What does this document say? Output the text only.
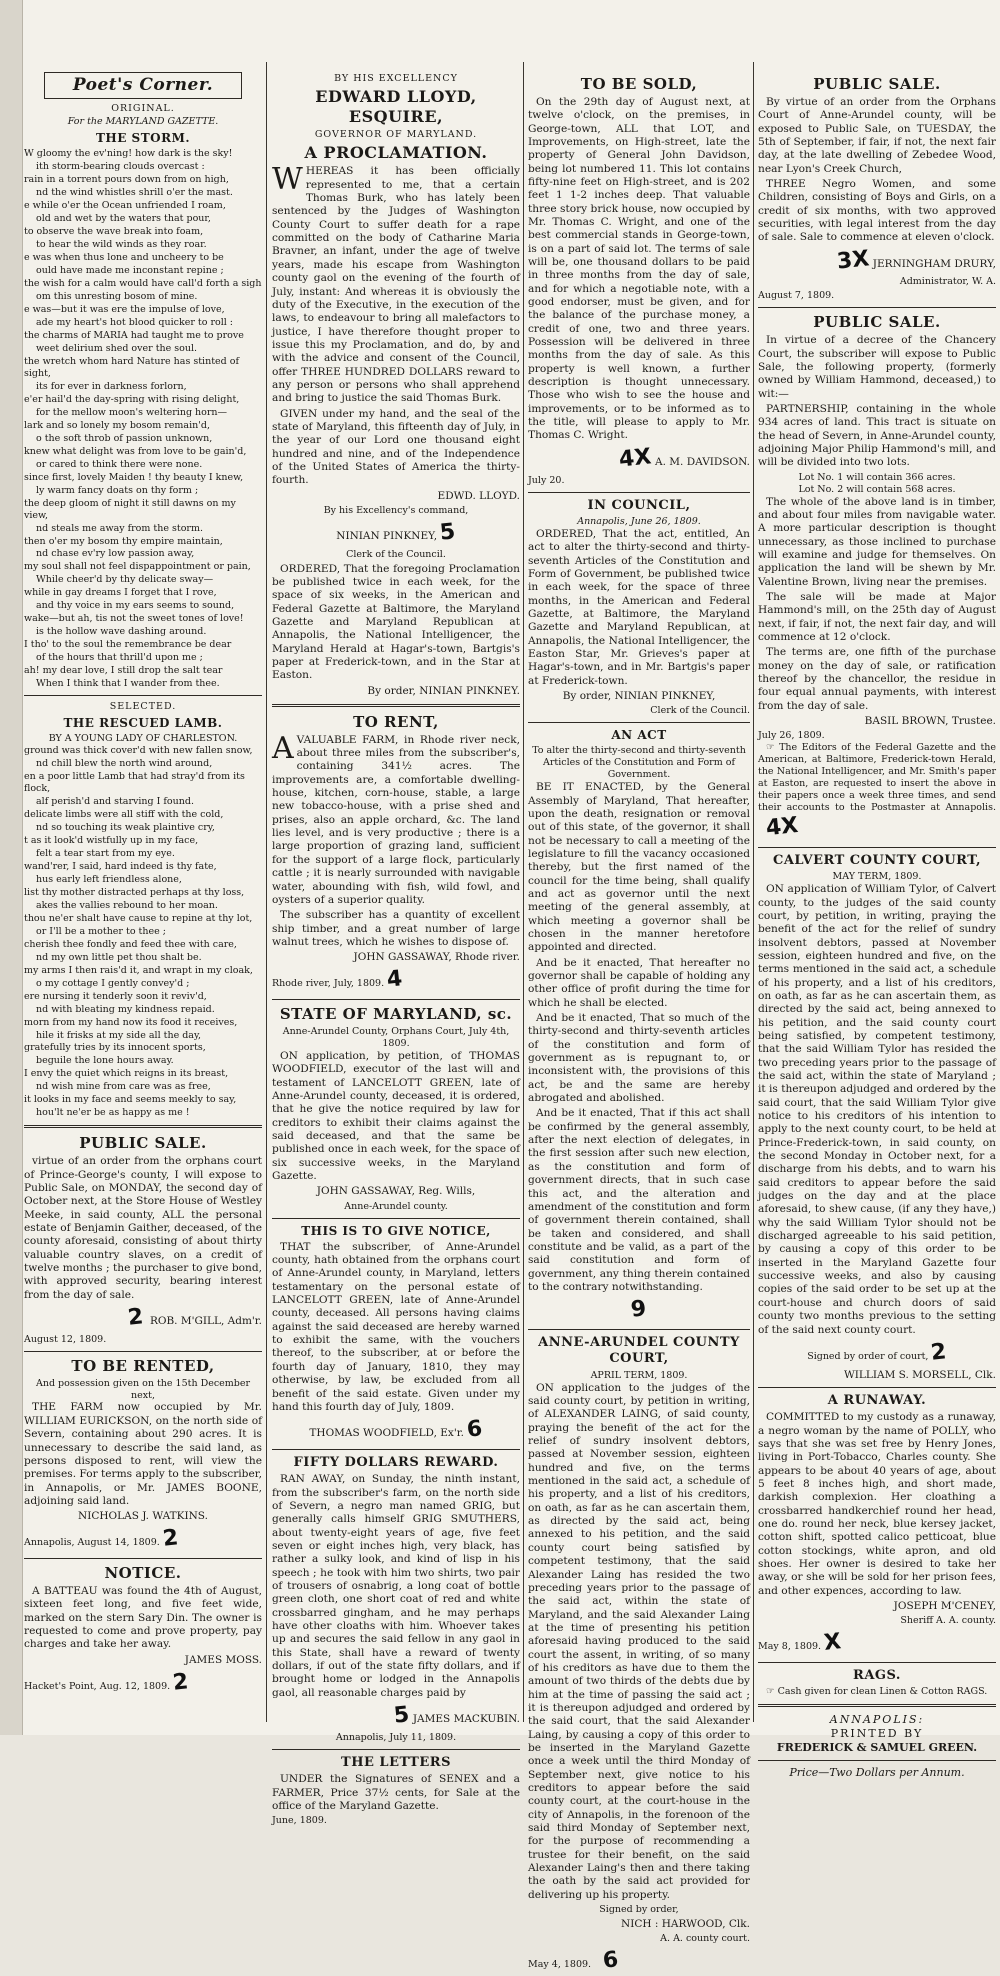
Poet's Corner.
ORIGINAL.
For the MARYLAND GAZETTE.
THE STORM.

W gloomy the ev'ning! how dark is the sky!

ith storm-bearing clouds overcast :

rain in a torrent pours down from on high,

nd the wind whistles shrill o'er the mast.

e while o'er the Ocean unfriended I roam,

old and wet by the waters that pour,

to observe the wave break into foam,

to hear the wild winds as they roar.

e was when thus lone and uncheery to be

ould have made me inconstant repine ;

the wish for a calm would have call'd forth a sigh

om this unresting bosom of mine.

e was—but it was ere the impulse of love,

ade my heart's hot blood quicker to roll :

the charms of MARIA had taught me to prove

weet delirium shed over the soul.

the wretch whom hard Nature has stinted of sight,

its for ever in darkness forlorn,

e'er hail'd the day-spring with rising delight,

for the mellow moon's weltering horn—

lark and so lonely my bosom remain'd,

o the soft throb of passion unknown,

knew what delight was from love to be gain'd,

or cared to think there were none.

since first, lovely Maiden ! thy beauty I knew,

ly warm fancy doats on thy form ;

the deep gloom of night it still dawns on my view,

nd steals me away from the storm.

then o'er my bosom thy empire maintain,

nd chase ev'ry low passion away,

my soul shall not feel dispappointment or pain,

While cheer'd by thy delicate sway—

while in gay dreams I forget that I rove,

and thy voice in my ears seems to sound,

wake—but ah, tis not the sweet tones of love!

is the hollow wave dashing around.

I tho' to the soul the remembrance be dear

of the hours that thrill'd upon me ;

ah! my dear love, I still drop the salt tear

When I think that I wander from thee.

SELECTED.
THE RESCUED LAMB.
BY A YOUNG LADY OF CHARLESTON.

ground was thick cover'd with new fallen snow,

nd chill blew the north wind around,

en a poor little Lamb that had stray'd from its flock,

alf perish'd and starving I found.

delicate limbs were all stiff with the cold,

nd so touching its weak plaintive cry,

t as it look'd wistfully up in my face,

felt a tear start from my eye.

wand'rer, I said, hard indeed is thy fate,

hus early left friendless alone,

list thy mother distracted perhaps at thy loss,

akes the vallies rebound to her moan.

thou ne'er shalt have cause to repine at thy lot,

or I'll be a mother to thee ;

cherish thee fondly and feed thee with care,

nd my own little pet thou shalt be.

my arms I then rais'd it, and wrapt in my cloak,

o my cottage I gently convey'd ;

ere nursing it tenderly soon it reviv'd,

nd with bleating my kindness repaid.

morn from my hand now its food it receives,

hile it frisks at my side all the day,

gratefully tries by its innocent sports,

beguile the lone hours away.

I envy the quiet which reigns in its breast,

nd wish mine from care was as free,

it looks in my face and seems meekly to say,

hou'lt ne'er be as happy as me !

PUBLIC SALE.

virtue of an order from the orphans court of Prince-George's county, I will expose to Public Sale, on MONDAY, the second day of October next, at the Store House of Westley Meeke, in said county, ALL the personal estate of Benjamin Gaither, deceased, of the county aforesaid, consisting of about thirty valuable country slaves, on a credit of twelve months ; the purchaser to give bond, with approved security, bearing interest from the day of sale.

2 ROB. M'GILL, Adm'r.
August 12, 1809.
TO BE RENTED,
And possession given on the 15th December next,

THE FARM now occupied by Mr. WILLIAM EURICKSON, on the north side of Severn, containing about 290 acres. It is unnecessary to describe the said land, as persons disposed to rent, will view the premises. For terms apply to the subscriber, in Annapolis, or Mr. JAMES BOONE, adjoining said land.

NICHOLAS J. WATKINS.
Annapolis, August 14, 1809. 2
NOTICE.

A BATTEAU was found the 4th of August, sixteen feet long, and five feet wide, marked on the stern Sary Din. The owner is requested to come and prove property, pay charges and take her away.

JAMES MOSS.
Hacket's Point, Aug. 12, 1809. 2
BY HIS EXCELLENCY
EDWARD LLOYD, ESQUIRE,
GOVERNOR OF MARYLAND.
A PROCLAMATION.

WHEREAS it has been officially represented to me, that a certain Thomas Burk, who has lately been sentenced by the Judges of Washington County Court to suffer death for a rape committed on the body of Catharine Maria Bravner, an infant, under the age of twelve years, made his escape from Washington county gaol on the evening of the fourth of July, instant: And whereas it is obviously the duty of the Executive, in the execution of the laws, to endeavour to bring all malefactors to justice, I have therefore thought proper to issue this my Proclamation, and do, by and with the advice and consent of the Council, offer THREE HUNDRED DOLLARS reward to any person or persons who shall apprehend and bring to justice the said Thomas Burk.

GIVEN under my hand, and the seal of the state of Maryland, this fifteenth day of July, in the year of our Lord one thousand eight hundred and nine, and of the Independence of the United States of America the thirty-fourth.

EDWD. LLOYD.
By his Excellency's command,
NINIAN PINKNEY, 5
Clerk of the Council.

ORDERED, That the foregoing Proclamation be published twice in each week, for the space of six weeks, in the American and Federal Gazette at Baltimore, the Maryland Gazette and Maryland Republican at Annapolis, the National Intelligencer, the Maryland Herald at Hagar's-town, Bartgis's paper at Frederick-town, and in the Star at Easton.

By order, NINIAN PINKNEY.
TO RENT,

AVALUABLE FARM, in Rhode river neck, about three miles from the subscriber's, containing 341½ acres. The improvements are, a comfortable dwelling-house, kitchen, corn-house, stable, a large new tobacco-house, with a prise shed and prises, also an apple orchard, &c. The land lies level, and is very productive ; there is a large proportion of grazing land, sufficient for the support of a large flock, particularly cattle ; it is nearly surrounded with navigable water, abounding with fish, wild fowl, and oysters of a superior quality.

The subscriber has a quantity of excellent ship timber, and a great number of large walnut trees, which he wishes to dispose of.

JOHN GASSAWAY, Rhode river.
Rhode river, July, 1809. 4
STATE OF MARYLAND, sc.
Anne-Arundel County, Orphans Court, July 4th, 1809.

ON application, by petition, of THOMAS WOODFIELD, executor of the last will and testament of LANCELOTT GREEN, late of Anne-Arundel county, deceased, it is ordered, that he give the notice required by law for creditors to exhibit their claims against the said deceased, and that the same be published once in each week, for the space of six successive weeks, in the Maryland Gazette.

JOHN GASSAWAY, Reg. Wills,
Anne-Arundel county.
THIS IS TO GIVE NOTICE,

THAT the subscriber, of Anne-Arundel county, hath obtained from the orphans court of Anne-Arundel county, in Maryland, letters testamentary on the personal estate of LANCELOTT GREEN, late of Anne-Arundel county, deceased. All persons having claims against the said deceased are hereby warned to exhibit the same, with the vouchers thereof, to the subscriber, at or before the fourth day of January, 1810, they may otherwise, by law, be excluded from all benefit of the said estate. Given under my hand this fourth day of July, 1809.

THOMAS WOODFIELD, Ex'r. 6
FIFTY DOLLARS REWARD.

RAN AWAY, on Sunday, the ninth instant, from the subscriber's farm, on the north side of Severn, a negro man named GRIG, but generally calls himself GRIG SMUTHERS, about twenty-eight years of age, five feet seven or eight inches high, very black, has rather a sulky look, and kind of lisp in his speech ; he took with him two shirts, two pair of trousers of osnabrig, a long coat of bottle green cloth, one short coat of red and white crossbarred gingham, and he may perhaps have other cloaths with him. Whoever takes up and secures the said fellow in any gaol in this State, shall have a reward of twenty dollars, if out of the state fifty dollars, and if brought home or lodged in the Annapolis gaol, all reasonable charges paid by

5 JAMES MACKUBIN.
Annapolis, July 11, 1809.
THE LETTERS

UNDER the Signatures of SENEX and a FARMER, Price 37½ cents, for Sale at the office of the Maryland Gazette.

June, 1809.
TO BE SOLD,

On the 29th day of August next, at twelve o'clock, on the premises, in George-town, ALL that LOT, and Improvements, on High-street, late the property of General John Davidson, being lot numbered 11. This lot contains fifty-nine feet on High-street, and is 202 feet 1 1-2 inches deep. That valuable three story brick house, now occupied by Mr. Thomas C. Wright, and one of the best commercial stands in George-town, is on a part of said lot. The terms of sale will be, one thousand dollars to be paid in three months from the day of sale, and for which a negotiable note, with a good endorser, must be given, and for the balance of the purchase money, a credit of one, two and three years. Possession will be delivered in three months from the day of sale. As this property is well known, a further description is thought unnecessary. Those who wish to see the house and improvements, or to be informed as to the title, will please to apply to Mr. Thomas C. Wright.

4X A. M. DAVIDSON.
July 20.
IN COUNCIL,
Annapolis, June 26, 1809.

ORDERED, That the act, entitled, An act to alter the thirty-second and thirty-seventh Articles of the Constitution and Form of Government, be published twice in each week, for the space of three months, in the American and Federal Gazette, at Baltimore, the Maryland Gazette and Maryland Republican, at Annapolis, the National Intelligencer, the Easton Star, Mr. Grieves's paper at Hagar's-town, and in Mr. Bartgis's paper at Frederick-town.

By order, NINIAN PINKNEY,
Clerk of the Council.
AN ACT
To alter the thirty-second and thirty-seventh Articles of the Constitution and Form of Government.

BE IT ENACTED, by the General Assembly of Maryland, That hereafter, upon the death, resignation or removal out of this state, of the governor, it shall not be necessary to call a meeting of the legislature to fill the vacancy occasioned thereby, but the first named of the council for the time being, shall qualify and act as governor until the next meeting of the general assembly, at which meeting a governor shall be chosen in the manner heretofore appointed and directed.

And be it enacted, That hereafter no governor shall be capable of holding any other office of profit during the time for which he shall be elected.

And be it enacted, That so much of the thirty-second and thirty-seventh articles of the constitution and form of government as is repugnant to, or inconsistent with, the provisions of this act, be and the same are hereby abrogated and abolished.

And be it enacted, That if this act shall be confirmed by the general assembly, after the next election of delegates, in the first session after such new election, as the constitution and form of government directs, that in such case this act, and the alteration and amendment of the constitution and form of government therein contained, shall be taken and considered, and shall constitute and be valid, as a part of the said constitution and form of government, any thing therein contained to the contrary notwithstanding.

9
ANNE-ARUNDEL COUNTY COURT,
APRIL TERM, 1809.

ON application to the judges of the said county court, by petition in writing, of ALEXANDER LAING, of said county, praying the benefit of the act for the relief of sundry insolvent debtors, passed at November session, eighteen hundred and five, on the terms mentioned in the said act, a schedule of his property, and a list of his creditors, on oath, as far as he can ascertain them, as directed by the said act, being annexed to his petition, and the said county court being satisfied by competent testimony, that the said Alexander Laing has resided the two preceding years prior to the passage of the said act, within the state of Maryland, and the said Alexander Laing at the time of presenting his petition aforesaid having produced to the said court the assent, in writing, of so many of his creditors as have due to them the amount of two thirds of the debts due by him at the time of passing the said act ; it is thereupon adjudged and ordered by the said court, that the said Alexander Laing, by causing a copy of this order to be inserted in the Maryland Gazette once a week until the third Monday of September next, give notice to his creditors to appear before the said county court, at the court-house in the city of Annapolis, in the forenoon of the said third Monday of September next, for the purpose of recommending a trustee for their benefit, on the said Alexander Laing's then and there taking the oath by the said act provided for delivering up his property.

Signed by order,
NICH : HARWOOD, Clk.
A. A. county court.
May 4, 1809. 6
PUBLIC SALE.

By virtue of an order from the Orphans Court of Anne-Arundel county, will be exposed to Public Sale, on TUESDAY, the 5th of September, if fair, if not, the next fair day, at the late dwelling of Zebedee Wood, near Lyon's Creek Church,

THREE Negro Women, and some Children, consisting of Boys and Girls, on a credit of six months, with two approved securities, with legal interest from the day of sale. Sale to commence at eleven o'clock.

3X JERNINGHAM DRURY,
Administrator, W. A.
August 7, 1809.
PUBLIC SALE.

In virtue of a decree of the Chancery Court, the subscriber will expose to Public Sale, the following property, (formerly owned by William Hammond, deceased,) to wit:—

PARTNERSHIP, containing in the whole 934 acres of land. This tract is situate on the head of Severn, in Anne-Arundel county, adjoining Major Philip Hammond's mill, and will be divided into two lots.

Lot No. 1 will contain 366 acres.
Lot No. 2 will contain 568 acres.

The whole of the above land is in timber, and about four miles from navigable water. A more particular description is thought unnecessary, as those inclined to purchase will examine and judge for themselves. On application the land will be shewn by Mr. Valentine Brown, living near the premises.

The sale will be made at Major Hammond's mill, on the 25th day of August next, if fair, if not, the next fair day, and will commence at 12 o'clock.

The terms are, one fifth of the purchase money on the day of sale, or ratification thereof by the chancellor, the residue in four equal annual payments, with interest from the day of sale.

BASIL BROWN, Trustee.
July 26, 1809.

☞ The Editors of the Federal Gazette and the American, at Baltimore, Frederick-town Herald, the National Intelligencer, and Mr. Smith's paper at Easton, are requested to insert the above in their papers once a week three times, and send their accounts to the Postmaster at Annapolis. 4X

CALVERT COUNTY COURT,
MAY TERM, 1809.

ON application of William Tylor, of Calvert county, to the judges of the said county court, by petition, in writing, praying the benefit of the act for the relief of sundry insolvent debtors, passed at November session, eighteen hundred and five, on the terms mentioned in the said act, a schedule of his property, and a list of his creditors, on oath, as far as he can ascertain them, as directed by the said act, being annexed to his petition, and the said county court being satisfied, by competent testimony, that the said William Tylor has resided the two preceding years prior to the passage of the said act, within the state of Maryland ; it is thereupon adjudged and ordered by the said court, that the said William Tylor give notice to his creditors of his intention to apply to the next county court, to be held at Prince-Frederick-town, in said county, on the second Monday in October next, for a discharge from his debts, and to warn his said creditors to appear before the said judges on the day and at the place aforesaid, to shew cause, (if any they have,) why the said William Tylor should not be discharged agreeable to his said petition, by causing a copy of this order to be inserted in the Maryland Gazette four successive weeks, and also by causing copies of the said order to be set up at the court-house and church doors of said county two months previous to the setting of the said next county court.

Signed by order of court, 2
WILLIAM S. MORSELL, Clk.
A RUNAWAY.

COMMITTED to my custody as a runaway, a negro woman by the name of POLLY, who says that she was set free by Henry Jones, living in Port-Tobacco, Charles county. She appears to be about 40 years of age, about 5 feet 8 inches high, and short made, darkish complexion. Her cloathing a crossbarred handkerchief round her head, one do. round her neck, blue kersey jacket, cotton shift, spotted calico petticoat, blue cotton stockings, white apron, and old shoes. Her owner is desired to take her away, or she will be sold for her prison fees, and other expences, according to law.

JOSEPH M'CENEY,
Sheriff A. A. county.
May 8, 1809. X
RAGS.

☞ Cash given for clean Linen & Cotton RAGS.

ANNAPOLIS:
PRINTED BY
FREDERICK & SAMUEL GREEN.
Price—Two Dollars per Annum.
